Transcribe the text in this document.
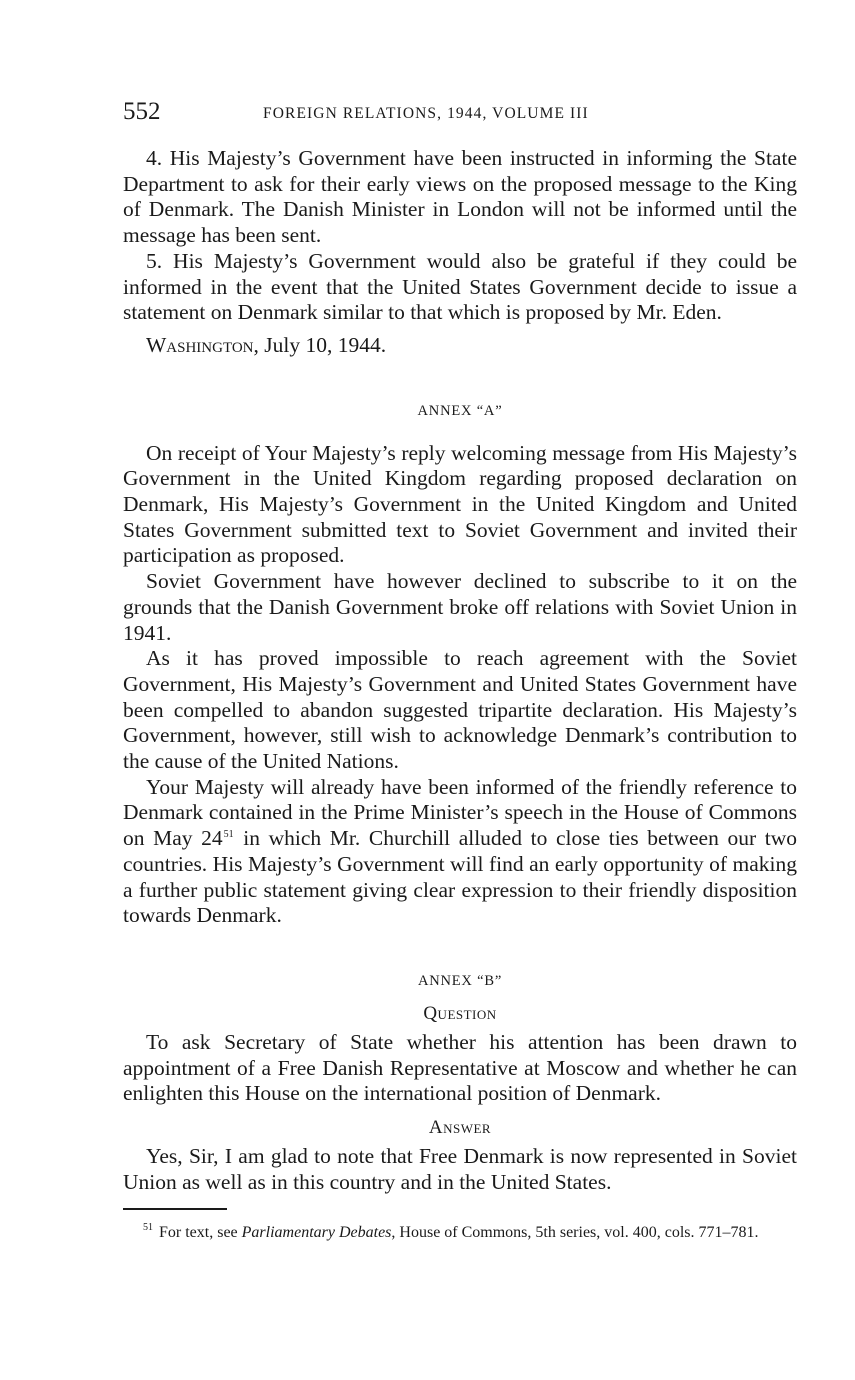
552	FOREIGN RELATIONS, 1944, VOLUME III

4. His Majesty’s Government have been instructed in informing the State Department to ask for their early views on the proposed message to the King of Denmark. The Danish Minister in London will not be informed until the message has been sent.

5. His Majesty’s Government would also be grateful if they could be informed in the event that the United States Government decide to issue a statement on Denmark similar to that which is proposed by Mr. Eden.

Washington, July 10, 1944.

ANNEX “A”

On receipt of Your Majesty’s reply welcoming message from His Majesty’s Government in the United Kingdom regarding proposed declaration on Denmark, His Majesty’s Government in the United Kingdom and United States Government submitted text to Soviet Government and invited their participation as proposed.

Soviet Government have however declined to subscribe to it on the grounds that the Danish Government broke off relations with Soviet Union in 1941.

As it has proved impossible to reach agreement with the Soviet Government, His Majesty’s Government and United States Government have been compelled to abandon suggested tripartite declaration. His Majesty’s Government, however, still wish to acknowledge Denmark’s contribution to the cause of the United Nations.

Your Majesty will already have been informed of the friendly reference to Denmark contained in the Prime Minister’s speech in the House of Commons on May 24$^{51}$ in which Mr. Churchill alluded to close ties between our two countries. His Majesty’s Government will find an early opportunity of making a further public statement giving clear expression to their friendly disposition towards Denmark.

ANNEX “B”
Question

To ask Secretary of State whether his attention has been drawn to appointment of a Free Danish Representative at Moscow and whether he can enlighten this House on the international position of Denmark.

Answer

Yes, Sir, I am glad to note that Free Denmark is now represented in Soviet Union as well as in this country and in the United States.

$^{51}$ For text, see Parliamentary Debates, House of Commons, 5th series, vol. 400, cols. 771–781.
